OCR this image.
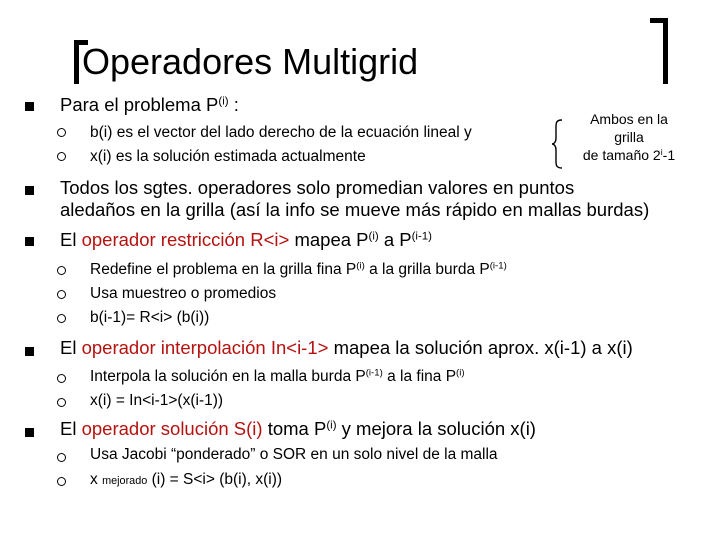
Operadores Multigrid
Para el problema $P^{(i)}$ :
b(i) es el vector del lado derecho de la ecuación lineal y
x(i) es la solución estimada actualmente
Ambos en la
grilla
de tamaño 2$^i$-1
Todos los sgtes. operadores solo promedian valores en puntos
aledaños en la grilla (así la info se mueve más rápido en mallas burdas)
El operador restricción R<i> mapea $P^{(i)}$ a $P^{(i-1)}$
Redefine el problema en la grilla fina $P^{(i)}$ a la grilla burda $P^{(i-1)}$
Usa muestreo o promedios
b(i-1)= R<i> (b(i))
El operador interpolación In<i-1> mapea la solución aprox. x(i-1) a x(i)
Interpola la solución en la malla burda $P^{(i-1)}$ a la fina $P^{(i)}$
x(i) = In<i-1>(x(i-1))
El operador solución S(i) toma $P^{(i)}$ y mejora la solución x(i)
Usa Jacobi “ponderado” o SOR en un solo nivel de la malla
x mejorado (i) = S<i> (b(i), x(i))
